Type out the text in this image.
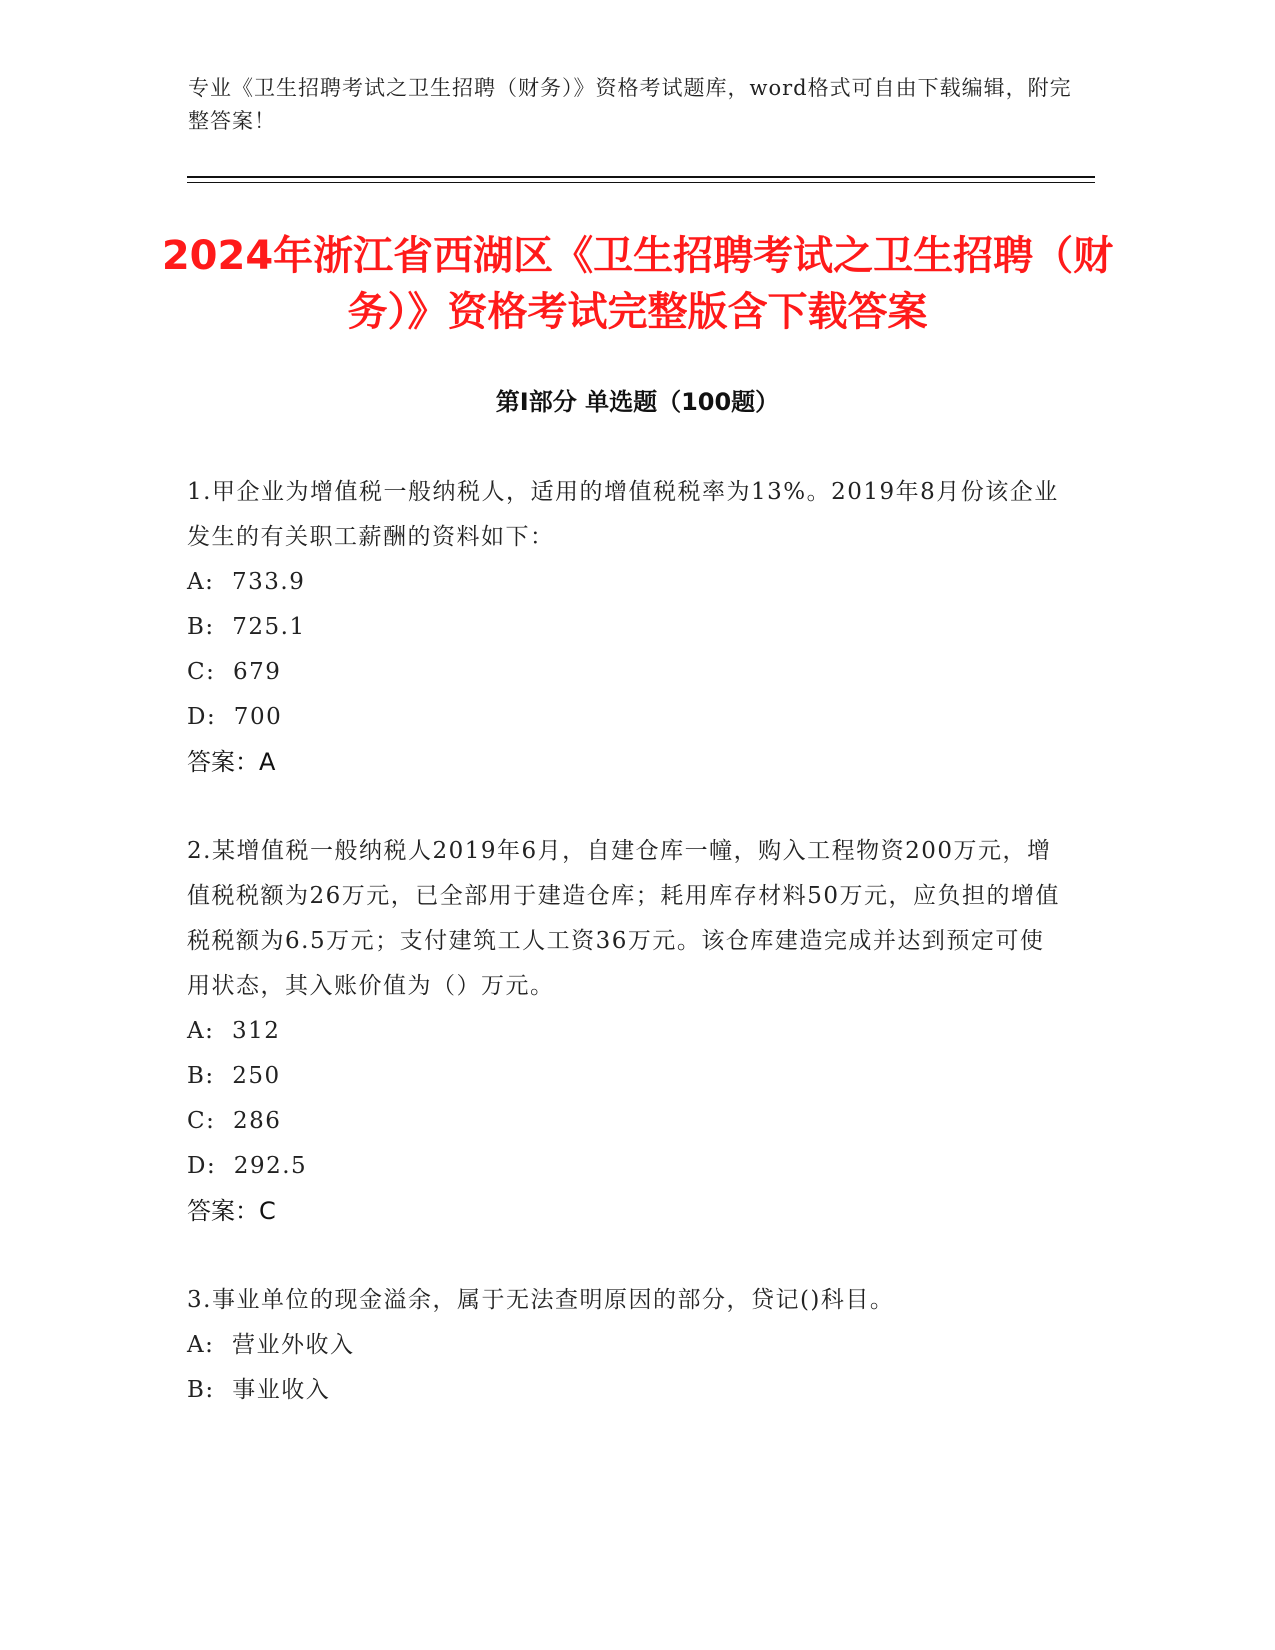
专业《卫生招聘考试之卫生招聘（财务）》资格考试题库，word格式可自由下载编辑，附完整答案！
2024年浙江省西湖区《卫生招聘考试之卫生招聘（财务）》资格考试完整版含下载答案
第I部分 单选题（100题）

1.甲企业为增值税一般纳税人，适用的增值税税率为13%。2019年8月份该企业发生的有关职工薪酬的资料如下：

A:  733.9

B:  725.1

C:  679

D:  700

答案：A

2.某增值税一般纳税人2019年6月，自建仓库一幢，购入工程物资200万元，增值税税额为26万元，已全部用于建造仓库；耗用库存材料50万元，应负担的增值税税额为6.5万元；支付建筑工人工资36万元。该仓库建造完成并达到预定可使用状态，其入账价值为（）万元。

A:  312

B:  250

C:  286

D:  292.5

答案：C

3.事业单位的现金溢余，属于无法查明原因的部分，贷记()科目。

A:  营业外收入

B:  事业收入
